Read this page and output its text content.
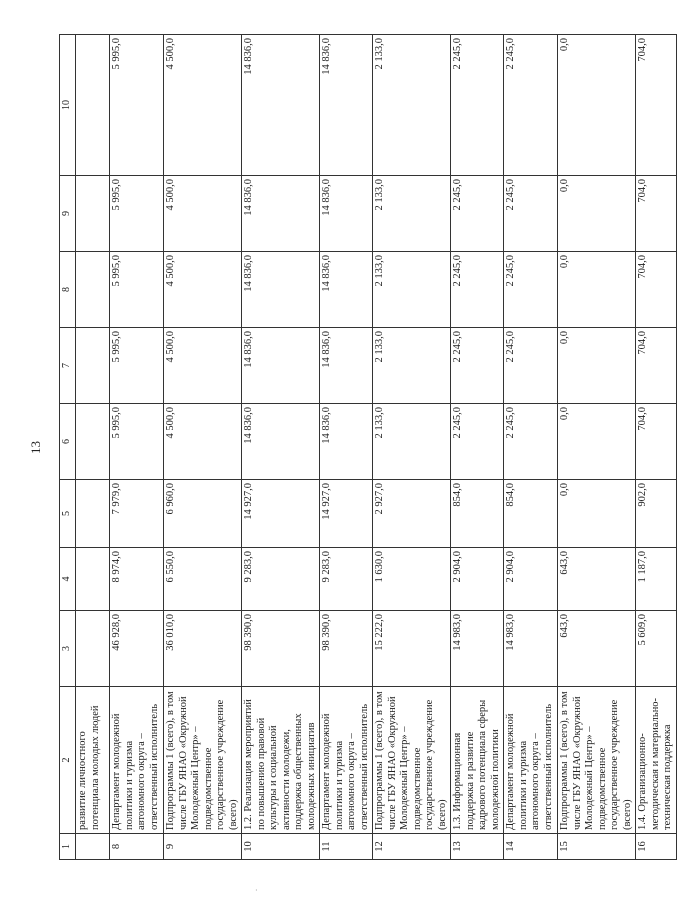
13
1	2	3	4	5	6	7	8	9	10
	развитие личностного потенциала молодых людей								
8	Департамент молодежной политики и туризма автономного округа – ответственный исполнитель	46 928,0	8 974,0	7 979,0	5 995,0	5 995,0	5 995,0	5 995,0	5 995,0
9	Подпрограммы 1 (всего), в том числе ГБУ ЯНАО «Окружной Молодежный Центр» – подведомственное государственное учреждение (всего)	36 010,0	6 550,0	6 960,0	4 500,0	4 500,0	4 500,0	4 500,0	4 500,0
10	1.2. Реализация мероприятий по повышению правовой культуры и социальной активности молодежи, поддержка общественных молодежных инициатив	98 390,0	9 283,0	14 927,0	14 836,0	14 836,0	14 836,0	14 836,0	14 836,0
11	Департамент молодежной политики и туризма автономного округа – ответственный исполнитель	98 390,0	9 283,0	14 927,0	14 836,0	14 836,0	14 836,0	14 836,0	14 836,0
12	Подпрограммы 1 (всего), в том числе ГБУ ЯНАО «Окружной Молодежный Центр» – подведомственное государственное учреждение (всего)	15 222,0	1 630,0	2 927,0	2 133,0	2 133,0	2 133,0	2 133,0	2 133,0
13	1.3. Информационная поддержка и развитие кадрового потенциала сферы молодежной политики	14 983,0	2 904,0	854,0	2 245,0	2 245,0	2 245,0	2 245,0	2 245,0
14	Департамент молодежной политики и туризма автономного округа – ответственный исполнитель	14 983,0	2 904,0	854,0	2 245,0	2 245,0	2 245,0	2 245,0	2 245,0
15	Подпрограммы 1 (всего), в том числе ГБУ ЯНАО «Окружной Молодежный Центр» – подведомственное государственное учреждение (всего)	643,0	643,0	0,0	0,0	0,0	0,0	0,0	0,0
16	1.4. Организационно-методическая и материально-техническая поддержка	5 609,0	1 187,0	902,0	704,0	704,0	704,0	704,0	704,0
·
